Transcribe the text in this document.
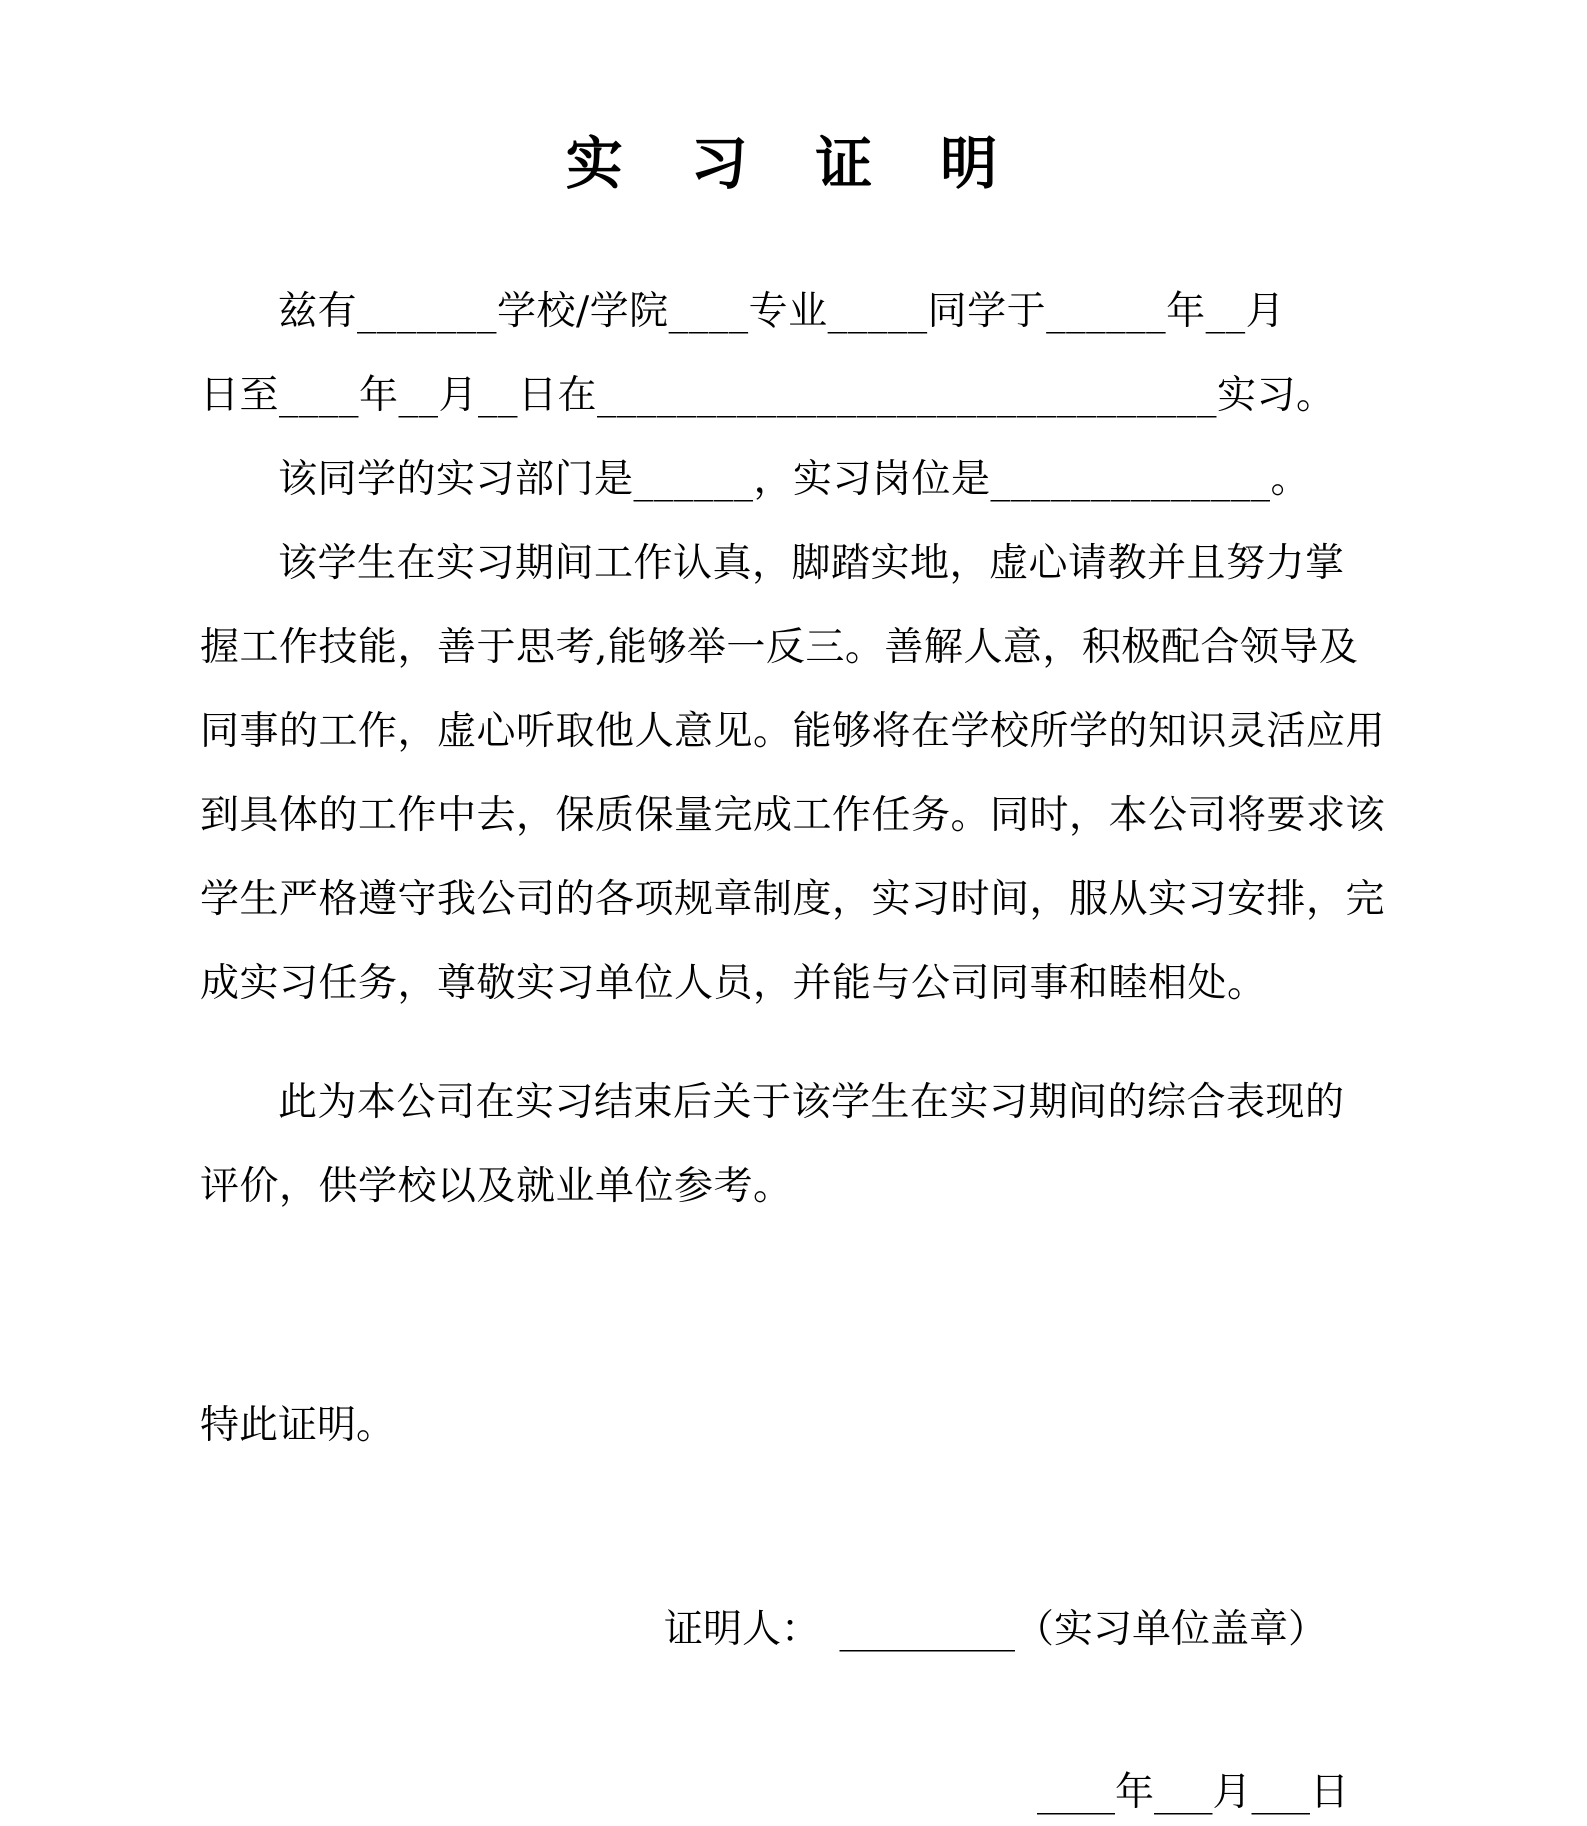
实 习 证 明

兹有_______学校/学院____专业_____同学于______年__月

日至____年__月__日在_______________________________实习。

该同学的实习部门是______，实习岗位是______________。

该学生在实习期间工作认真，脚踏实地，虚心请教并且努力掌

握工作技能，善于思考,能够举一反三。善解人意，积极配合领导及

同事的工作，虚心听取他人意见。能够将在学校所学的知识灵活应用

到具体的工作中去，保质保量完成工作任务。同时，本公司将要求该

学生严格遵守我公司的各项规章制度，实习时间，服从实习安排，完

成实习任务，尊敬实习单位人员，并能与公司同事和睦相处。

此为本公司在实习结束后关于该学生在实习期间的综合表现的

评价，供学校以及就业单位参考。

特此证明。

证明人：　_________（实习单位盖章）

____年___月___日
